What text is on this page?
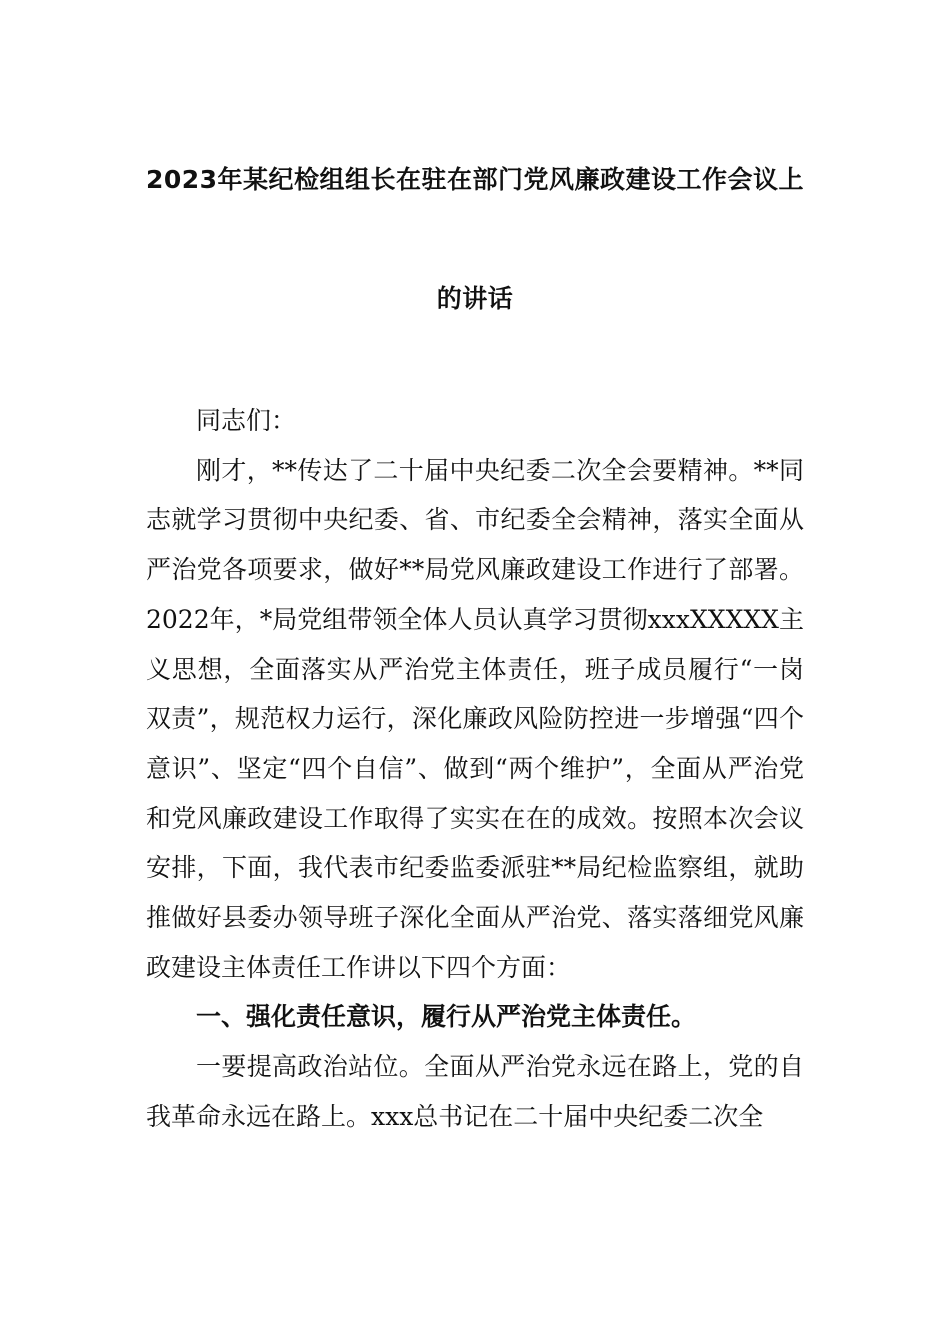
2023年某纪检组组长在驻在部门党风廉政建设工作会议上
的讲话

同志们：

刚才，**传达了二十届中央纪委二次全会要精神。**同志就学习贯彻中央纪委、省、市纪委全会精神，落实全面从严治党各项要求，做好**局党风廉政建设工作进行了部署。2022年，*局党组带领全体人员认真学习贯彻xxxXXXXX主义思想，全面落实从严治党主体责任，班子成员履行“一岗双责”，规范权力运行，深化廉政风险防控进一步增强“四个意识”、坚定“四个自信”、做到“两个维护”，全面从严治党和党风廉政建设工作取得了实实在在的成效。按照本次会议安排，下面，我代表市纪委监委派驻**局纪检监察组，就助推做好县委办领导班子深化全面从严治党、落实落细党风廉政建设主体责任工作讲以下四个方面：

一、强化责任意识，履行从严治党主体责任。

一要提高政治站位。全面从严治党永远在路上，党的自我革命永远在路上。xxx总书记在二十届中央纪委二次全
